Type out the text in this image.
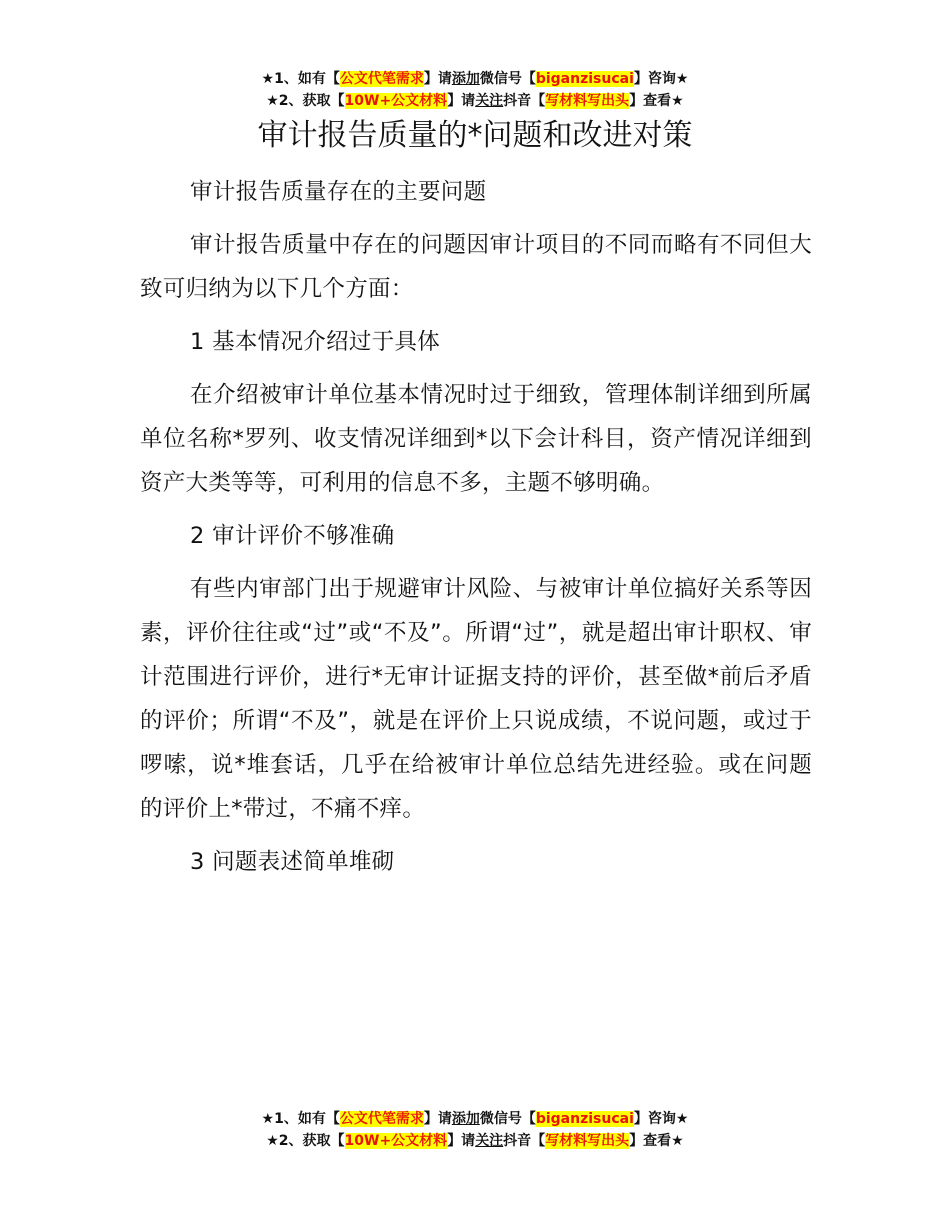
★1、如有【公文代笔需求】请添加微信号【biganzisucai】咨询★
★2、获取【10W+公文材料】请关注抖音【写材料写出头】查看★
审计报告质量的*问题和改进对策

审计报告质量存在的主要问题

审计报告质量中存在的问题因审计项目的不同而略有不同但大致可归纳为以下几个方面：

1 基本情况介绍过于具体

在介绍被审计单位基本情况时过于细致，管理体制详细到所属单位名称*罗列、收支情况详细到*以下会计科目，资产情况详细到资产大类等等，可利用的信息不多，主题不够明确。

2 审计评价不够准确

有些内审部门出于规避审计风险、与被审计单位搞好关系等因素，评价往往或“过”或“不及”。所谓“过”，就是超出审计职权、审计范围进行评价，进行*无审计证据支持的评价，甚至做*前后矛盾的评价；所谓“不及”，就是在评价上只说成绩，不说问题，或过于啰嗦，说*堆套话，几乎在给被审计单位总结先进经验。或在问题的评价上*带过，不痛不痒。

3 问题表述简单堆砌

★1、如有【公文代笔需求】请添加微信号【biganzisucai】咨询★
★2、获取【10W+公文材料】请关注抖音【写材料写出头】查看★
